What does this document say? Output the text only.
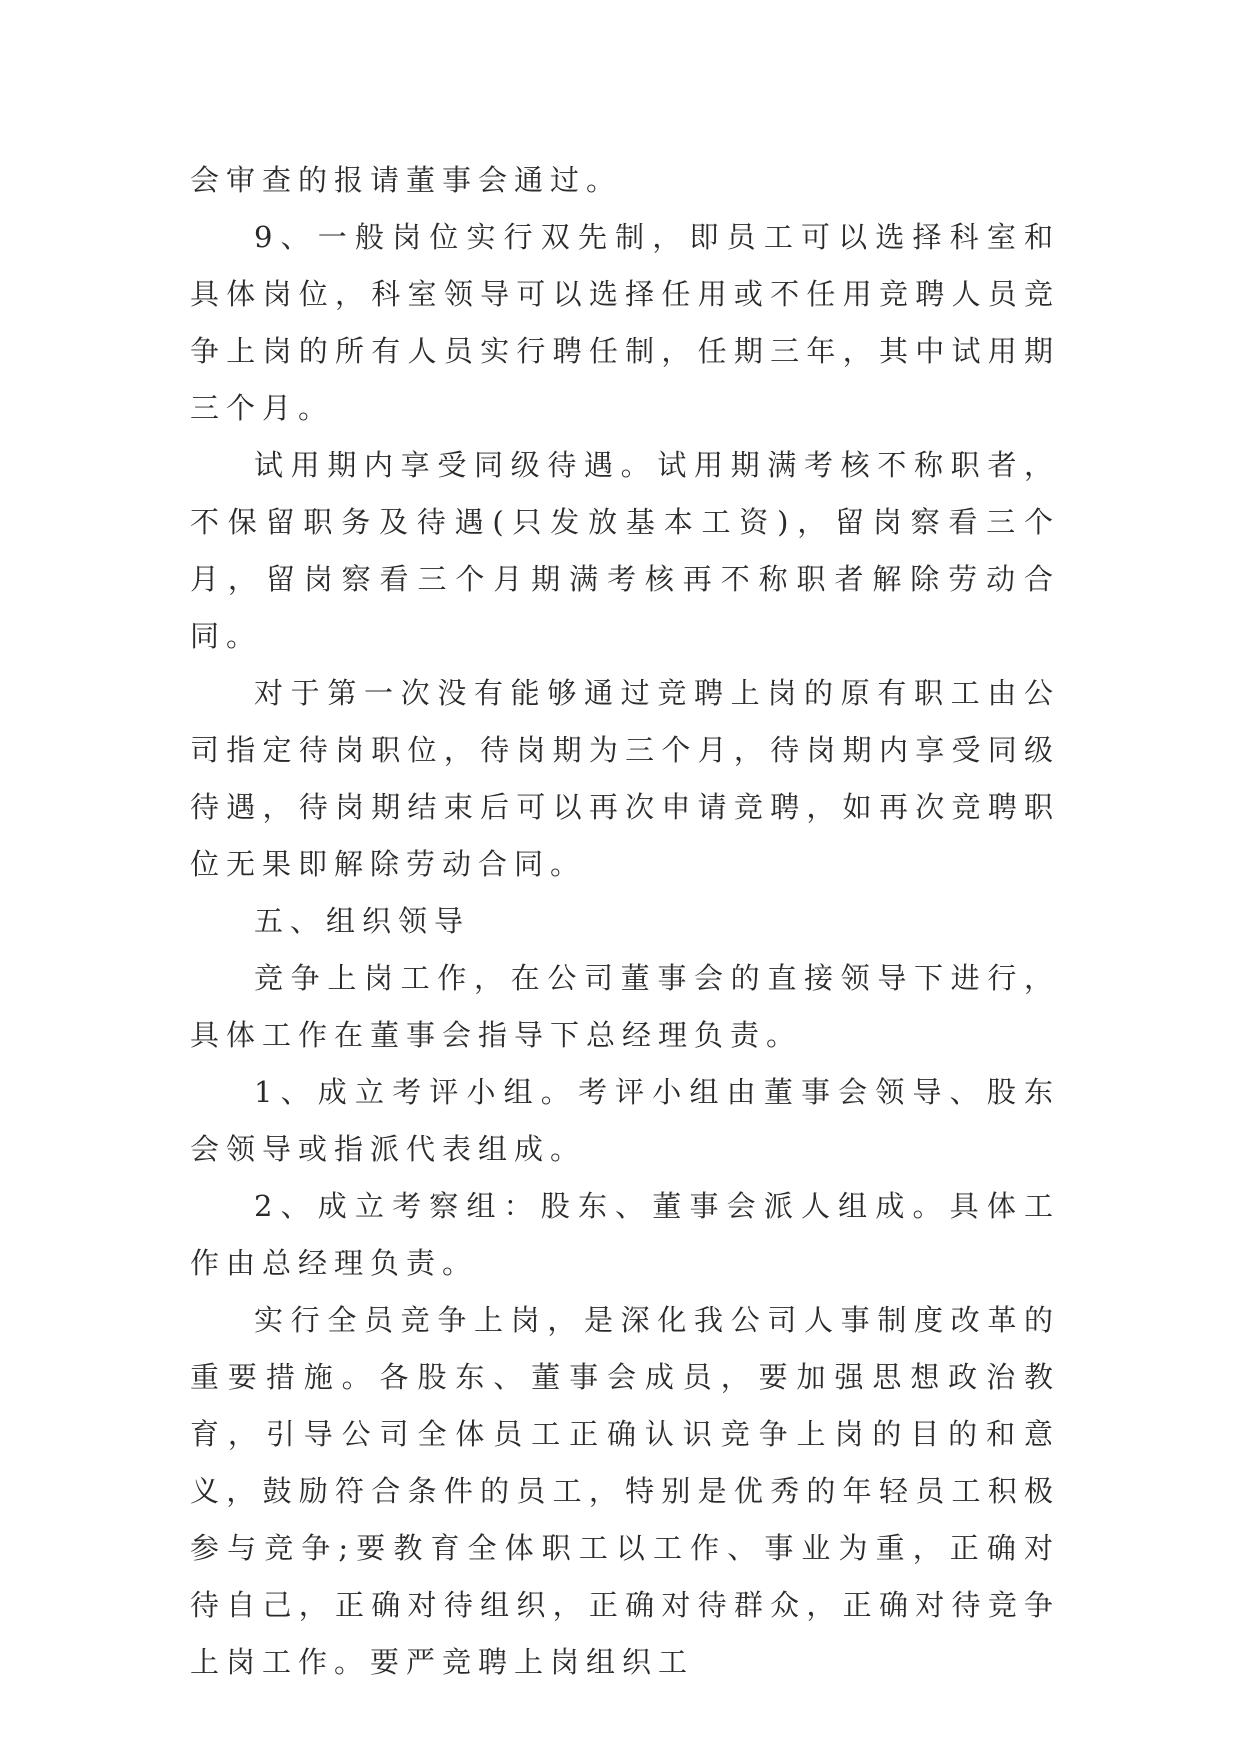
会审查的报请董事会通过。

9、一般岗位实行双先制，即员工可以选择科室和具体岗位，科室领导可以选择任用或不任用竞聘人员竞争上岗的所有人员实行聘任制，任期三年，其中试用期三个月。

试用期内享受同级待遇。试用期满考核不称职者，不保留职务及待遇(只发放基本工资)，留岗察看三个月，留岗察看三个月期满考核再不称职者解除劳动合同。

对于第一次没有能够通过竞聘上岗的原有职工由公司指定待岗职位，待岗期为三个月，待岗期内享受同级待遇，待岗期结束后可以再次申请竞聘，如再次竞聘职位无果即解除劳动合同。

五、组织领导

竞争上岗工作，在公司董事会的直接领导下进行，具体工作在董事会指导下总经理负责。

1、成立考评小组。考评小组由董事会领导、股东会领导或指派代表组成。

2、成立考察组：股东、董事会派人组成。具体工作由总经理负责。

实行全员竞争上岗，是深化我公司人事制度改革的重要措施。各股东、董事会成员，要加强思想政治教育，引导公司全体员工正确认识竞争上岗的目的和意义，鼓励符合条件的员工，特别是优秀的年轻员工积极参与竞争;要教育全体职工以工作、事业为重，正确对待自己，正确对待组织，正确对待群众，正确对待竞争上岗工作。要严竞聘上岗组织工
